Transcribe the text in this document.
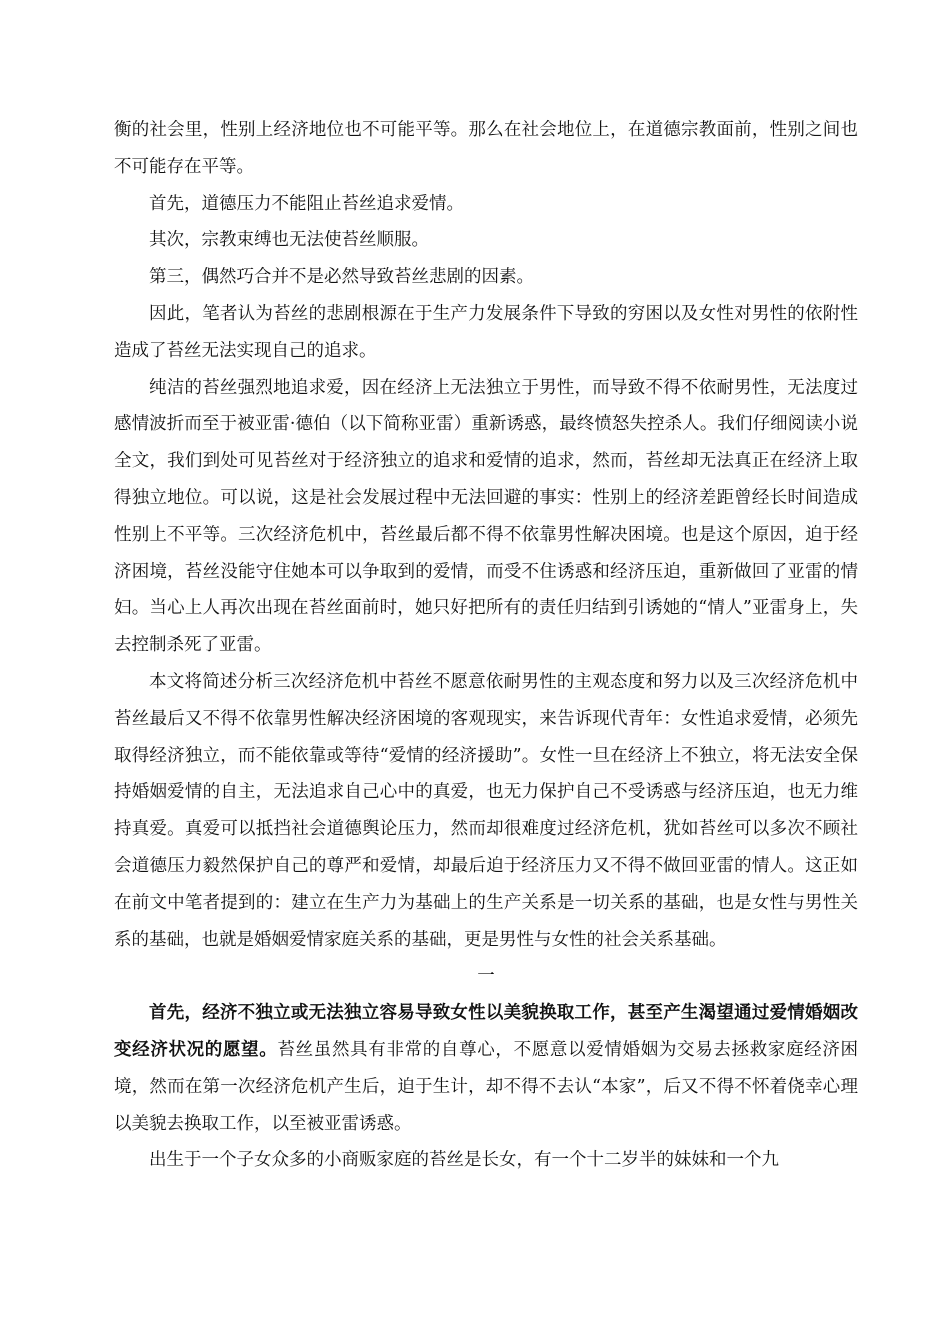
衡的社会里，性别上经济地位也不可能平等。那么在社会地位上，在道德宗教面前，性别之间也不可能存在平等。

首先，道德压力不能阻止苔丝追求爱情。

其次，宗教束缚也无法使苔丝顺服。

第三，偶然巧合并不是必然导致苔丝悲剧的因素。

因此，笔者认为苔丝的悲剧根源在于生产力发展条件下导致的穷困以及女性对男性的依附性造成了苔丝无法实现自己的追求。

纯洁的苔丝强烈地追求爱，因在经济上无法独立于男性，而导致不得不依耐男性，无法度过感情波折而至于被亚雷·德伯（以下简称亚雷）重新诱惑，最终愤怒失控杀人。我们仔细阅读小说全文，我们到处可见苔丝对于经济独立的追求和爱情的追求，然而，苔丝却无法真正在经济上取得独立地位。可以说，这是社会发展过程中无法回避的事实：性别上的经济差距曾经长时间造成性别上不平等。三次经济危机中，苔丝最后都不得不依靠男性解决困境。也是这个原因，迫于经济困境，苔丝没能守住她本可以争取到的爱情，而受不住诱惑和经济压迫，重新做回了亚雷的情妇。当心上人再次出现在苔丝面前时，她只好把所有的责任归结到引诱她的“情人”亚雷身上，失去控制杀死了亚雷。

本文将简述分析三次经济危机中苔丝不愿意依耐男性的主观态度和努力以及三次经济危机中苔丝最后又不得不依靠男性解决经济困境的客观现实，来告诉现代青年：女性追求爱情，必须先取得经济独立，而不能依靠或等待“爱情的经济援助”。女性一旦在经济上不独立，将无法安全保持婚姻爱情的自主，无法追求自己心中的真爱，也无力保护自己不受诱惑与经济压迫，也无力维持真爱。真爱可以抵挡社会道德舆论压力，然而却很难度过经济危机，犹如苔丝可以多次不顾社会道德压力毅然保护自己的尊严和爱情，却最后迫于经济压力又不得不做回亚雷的情人。这正如在前文中笔者提到的：建立在生产力为基础上的生产关系是一切关系的基础，也是女性与男性关系的基础，也就是婚姻爱情家庭关系的基础，更是男性与女性的社会关系基础。

一

首先，经济不独立或无法独立容易导致女性以美貌换取工作，甚至产生渴望通过爱情婚姻改变经济状况的愿望。苔丝虽然具有非常的自尊心，不愿意以爱情婚姻为交易去拯救家庭经济困境，然而在第一次经济危机产生后，迫于生计，却不得不去认“本家”，后又不得不怀着侥幸心理以美貌去换取工作，以至被亚雷诱惑。

出生于一个子女众多的小商贩家庭的苔丝是长女，有一个十二岁半的妹妹和一个九
